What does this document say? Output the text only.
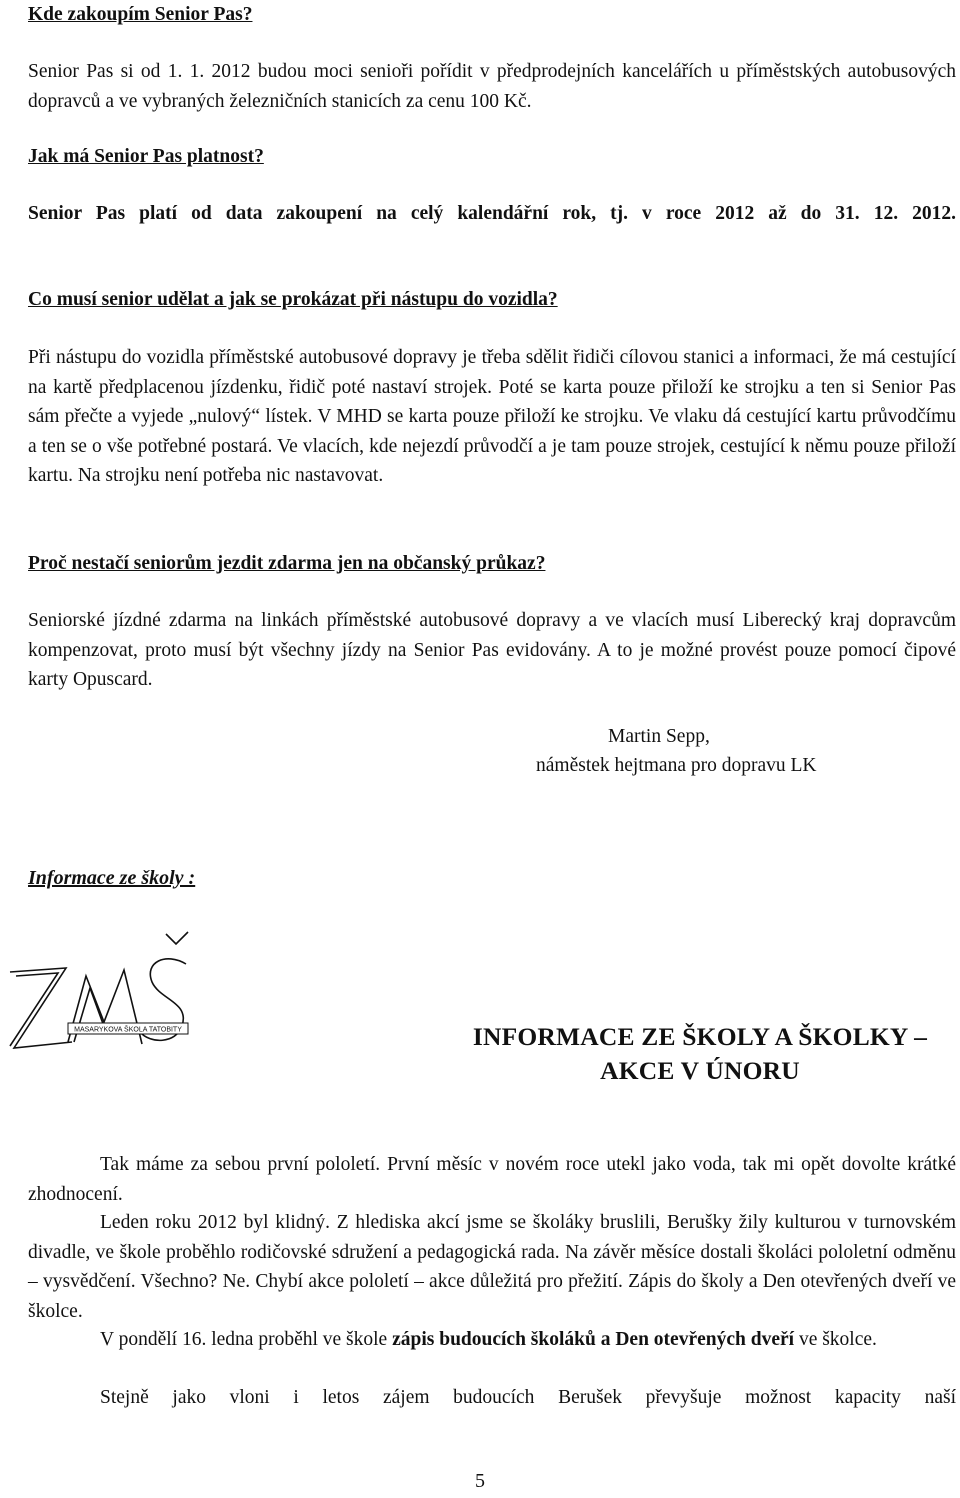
Kde zakoupím Senior Pas?

Senior Pas si od 1. 1. 2012 budou moci senioři pořídit v předprodejních kancelářích u příměstských autobusových dopravců a ve vybraných železničních stanicích za cenu 100 Kč.

Jak má Senior Pas platnost?

Senior Pas platí od data zakoupení na celý kalendářní rok, tj. v roce 2012 až do 31. 12. 2012.

Co musí senior udělat a jak se prokázat při nástupu do vozidla?

Při nástupu do vozidla příměstské autobusové dopravy je třeba sdělit řidiči cílovou stanici a informaci, že má cestující na kartě předplacenou jízdenku, řidič poté nastaví strojek. Poté se karta pouze přiloží ke strojku a ten si Senior Pas sám přečte a vyjede „nulový“ lístek. V MHD se karta pouze přiloží ke strojku. Ve vlaku dá cestující kartu průvodčímu a ten se o vše potřebné postará. Ve vlacích, kde nejezdí průvodčí a je tam pouze strojek, cestující k němu pouze přiloží kartu. Na strojku není potřeba nic nastavovat.

Proč nestačí seniorům jezdit zdarma jen na občanský průkaz?

Seniorské jízdné zdarma na linkách příměstské autobusové dopravy a ve vlacích musí Liberecký kraj dopravcům kompenzovat, proto musí být všechny jízdy na Senior Pas evidovány. A to je možné provést pouze pomocí čipové karty Opuscard.

Martin Sepp,
náměstek hejtmana pro dopravu LK
Informace ze školy :
MASARYKOVA ŠKOLA TATOBITY	INFORMACE ZE ŠKOLY A ŠKOLKY –
AKCE V ÚNORU

Tak máme za sebou první pololetí. První měsíc v novém roce utekl jako voda, tak mi opět dovolte krátké zhodnocení.

Leden roku 2012 byl klidný. Z hlediska akcí jsme se školáky bruslili, Berušky žily kulturou v turnovském divadle, ve škole proběhlo rodičovské sdružení a pedagogická rada. Na závěr měsíce dostali školáci pololetní odměnu – vysvědčení. Všechno? Ne. Chybí akce pololetí – akce důležitá pro přežití. Zápis do školy a Den otevřených dveří ve školce.

V pondělí 16. ledna proběhl ve škole zápis budoucích školáků a Den otevřených dveří ve školce.

Stejně jako vloni i letos zájem budoucích Berušek převyšuje možnost kapacity naší

5
